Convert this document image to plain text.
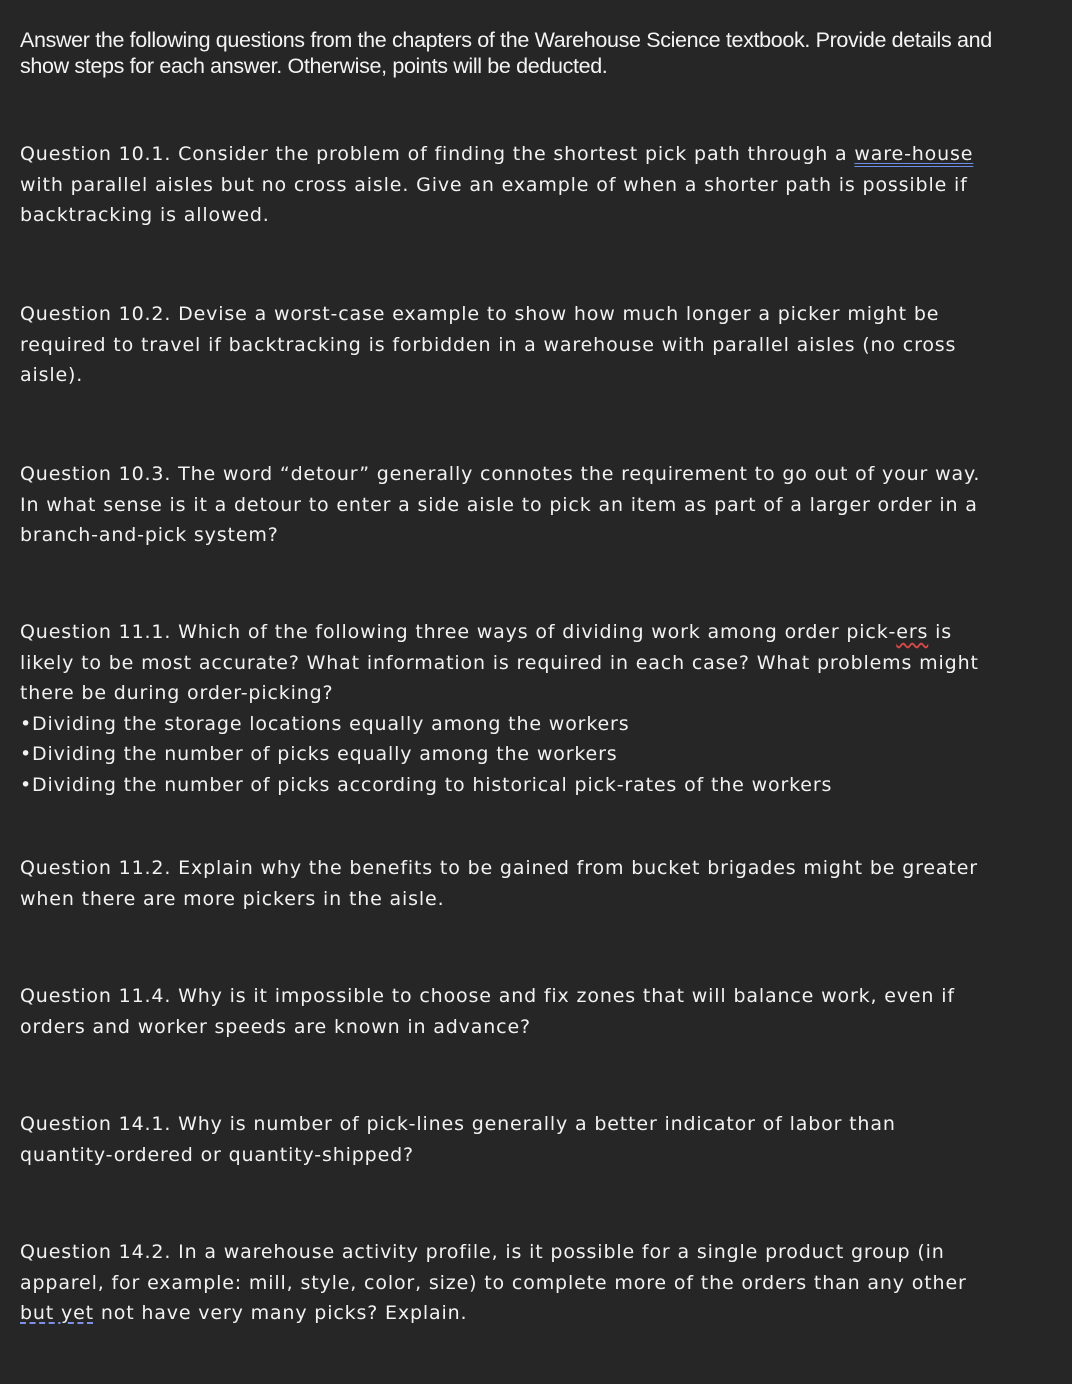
Answer the following questions from the chapters of the Warehouse Science textbook. Provide details and
show steps for each answer. Otherwise, points will be deducted.

Question 10.1. Consider the problem of finding the shortest pick path through a ware-house
with parallel aisles but no cross aisle. Give an example of when a shorter path is possible if
backtracking is allowed.

Question 10.2. Devise a worst-case example to show how much longer a picker might be
required to travel if backtracking is forbidden in a warehouse with parallel aisles (no cross
aisle).

Question 10.3. The word “detour” generally connotes the requirement to go out of your way.
In what sense is it a detour to enter a side aisle to pick an item as part of a larger order in a
branch-and-pick system?

Question 11.1. Which of the following three ways of dividing work among order pick-ers is
likely to be most accurate? What information is required in each case? What problems might
there be during order-picking?
•Dividing the storage locations equally among the workers
•Dividing the number of picks equally among the workers
•Dividing the number of picks according to historical pick-rates of the workers

Question 11.2. Explain why the benefits to be gained from bucket brigades might be greater
when there are more pickers in the aisle.

Question 11.4. Why is it impossible to choose and fix zones that will balance work, even if
orders and worker speeds are known in advance?

Question 14.1. Why is number of pick-lines generally a better indicator of labor than
quantity-ordered or quantity-shipped?

Question 14.2. In a warehouse activity profile, is it possible for a single product group (in
apparel, for example: mill, style, color, size) to complete more of the orders than any other
but yet not have very many picks? Explain.
